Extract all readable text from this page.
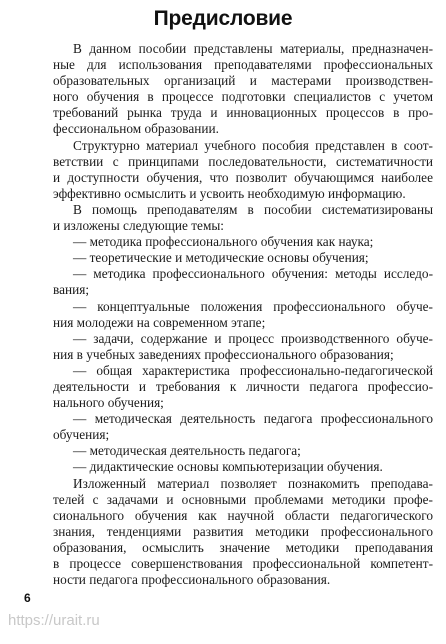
Предисловие
В данном пособии представлены материалы, предназначен-
ные для использования преподавателями профессиональных
образовательных организаций и мастерами производствен-
ного обучения в процессе подготовки специалистов с учетом
требований рынка труда и инновационных процессов в про-
фессиональном образовании.
Структурно материал учебного пособия представлен в соот-
ветствии с принципами последовательности, систематичности
и доступности обучения, что позволит обучающимся наиболее
эффективно осмыслить и усвоить необходимую информацию.
В помощь преподавателям в пособии систематизированы
и изложены следующие темы:
— методика профессионального обучения как наука;
— теоретические и методические основы обучения;
— методика профессионального обучения: методы исследо-
вания;
— концептуальные положения профессионального обуче-
ния молодежи на современном этапе;
— задачи, содержание и процесс производственного обуче-
ния в учебных заведениях профессионального образования;
— общая характеристика профессионально-педагогической
деятельности и требования к личности педагога профессио-
нального обучения;
— методическая деятельность педагога профессионального
обучения;
— методическая деятельность педагога;
— дидактические основы компьютеризации обучения.
Изложенный материал позволяет познакомить преподава-
телей с задачами и основными проблемами методики профе-
сионального обучения как научной области педагогического
знания, тенденциями развития методики профессионального
образования, осмыслить значение методики преподавания
в процессе совершенствования профессиональной компетент-
ности педагога профессионального образования.
6
https://urait.ru
